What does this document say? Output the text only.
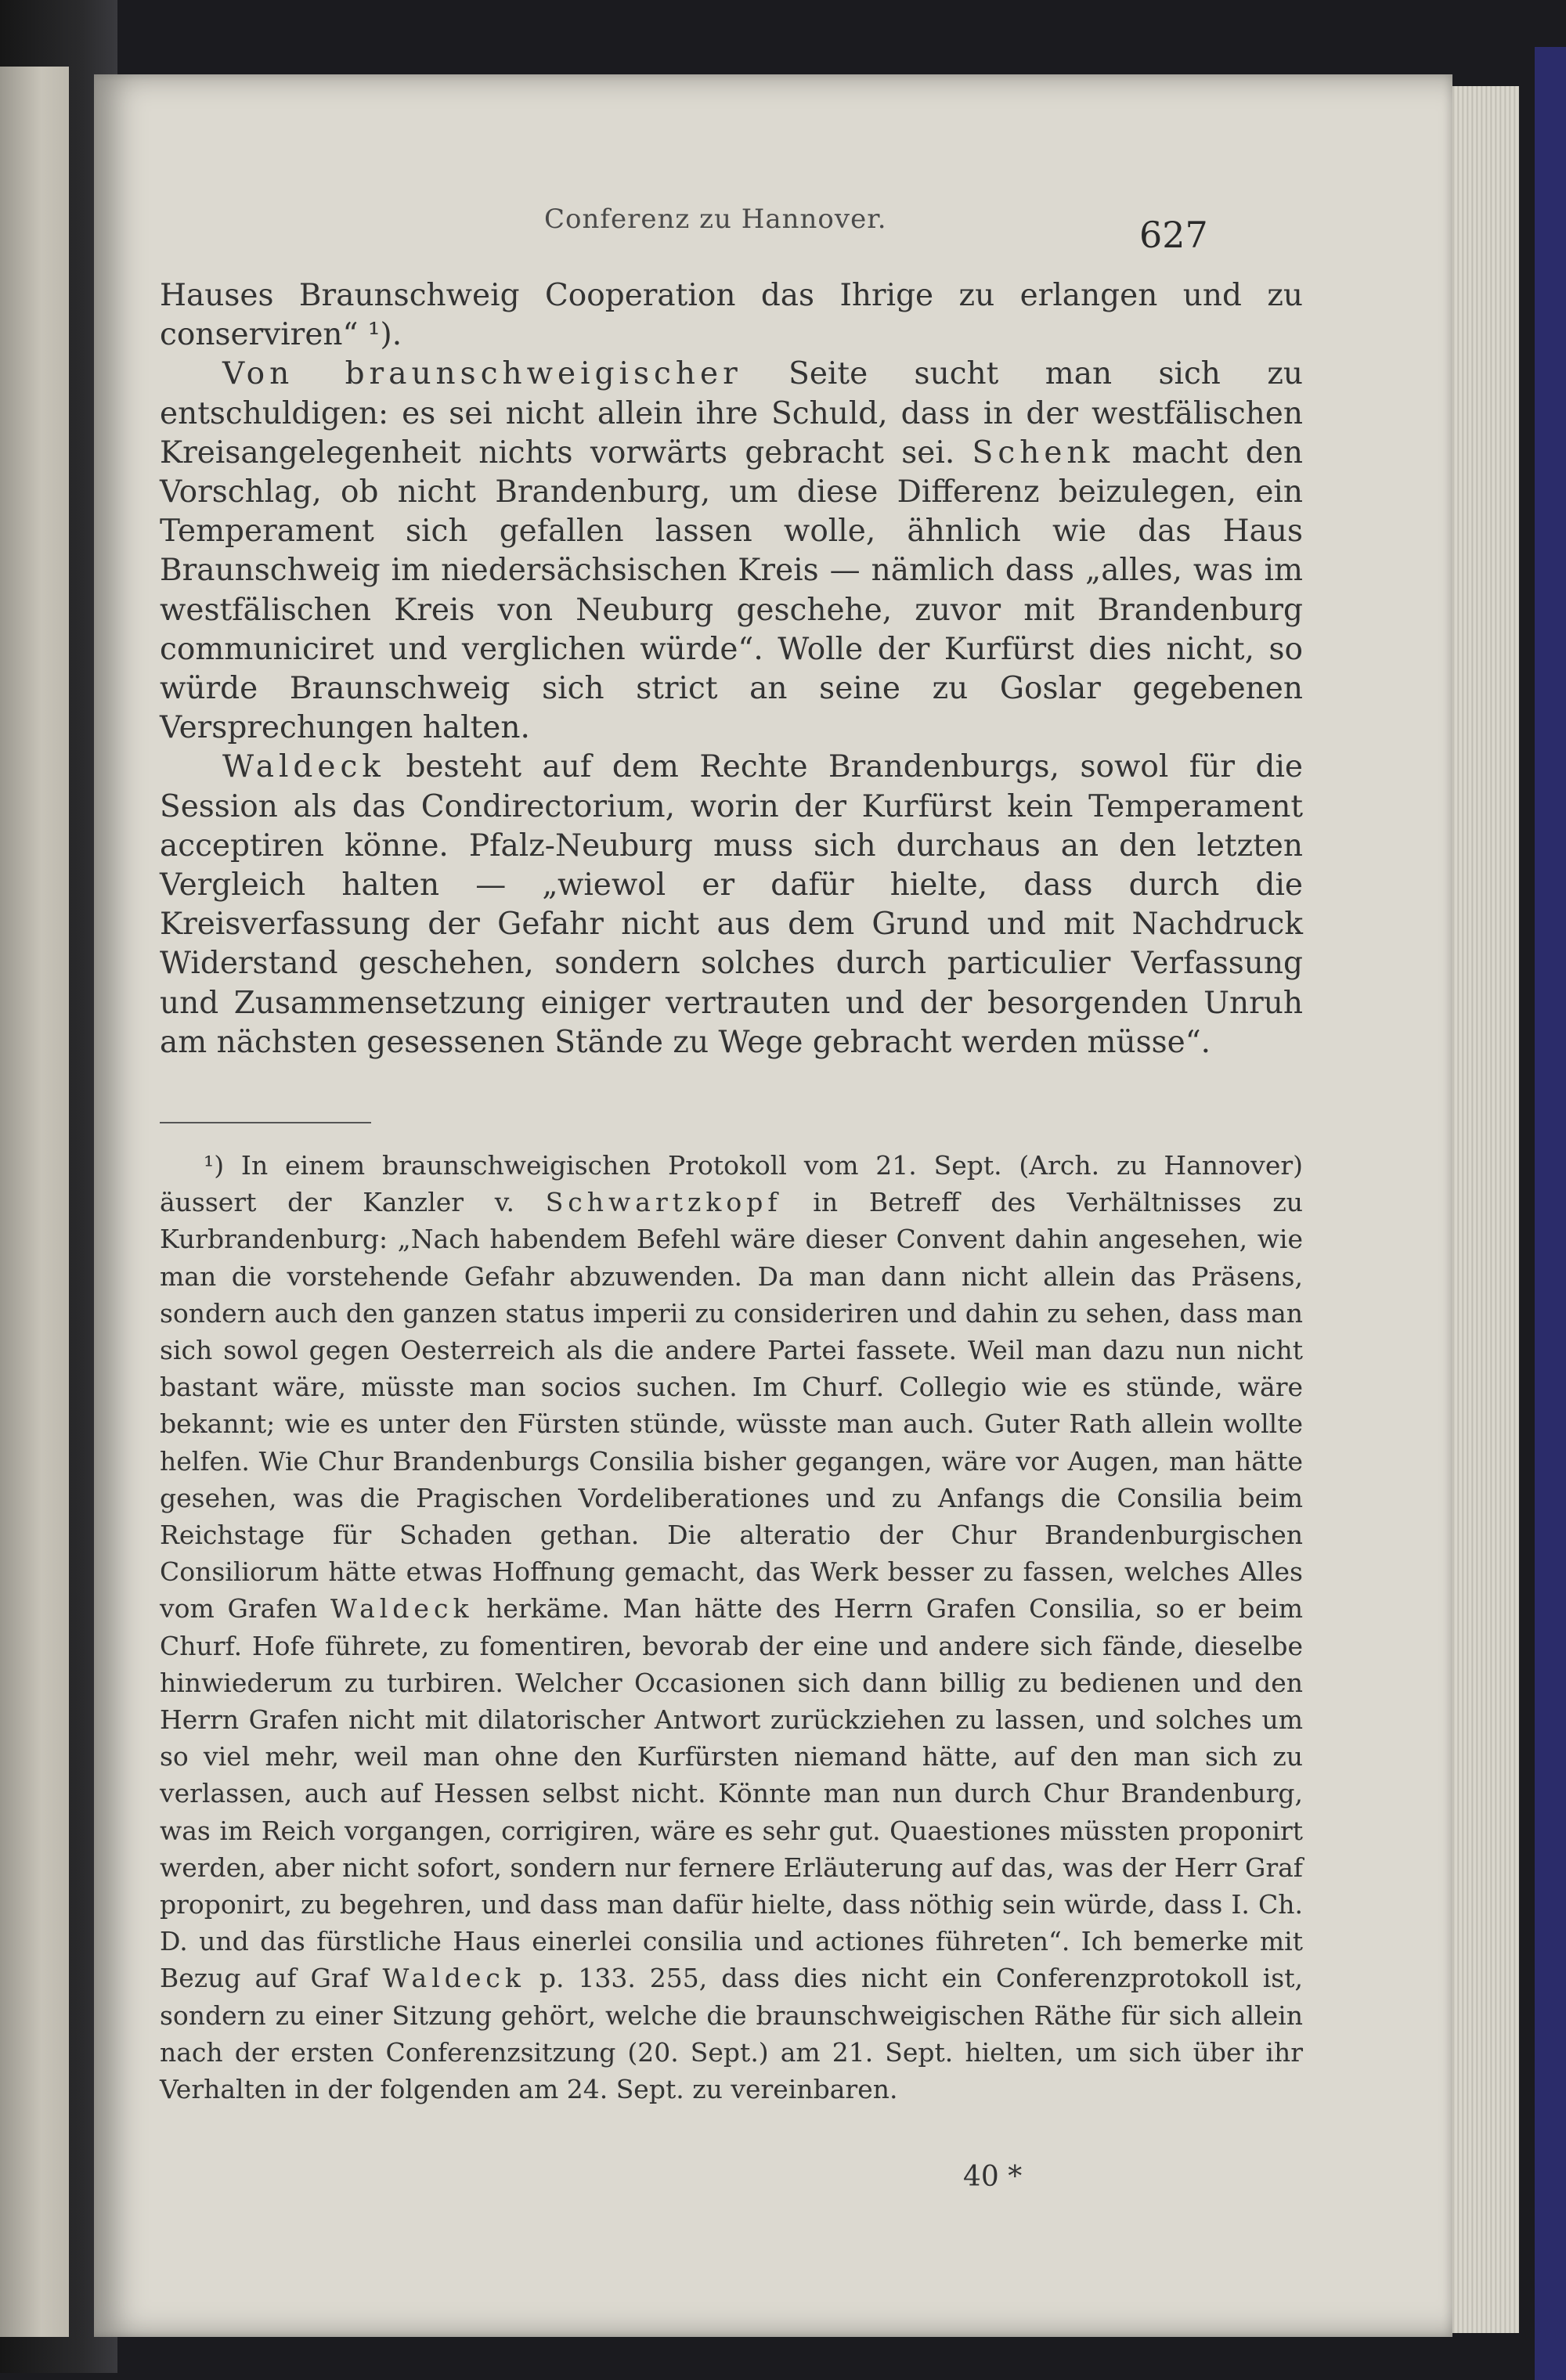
Conferenz zu Hannover.	627

Hauses Braunschweig Cooperation das Ihrige zu erlangen und zu conserviren“ ¹).

Von braunschweigischer Seite sucht man sich zu entschuldigen: es sei nicht allein ihre Schuld, dass in der westfälischen Kreisangelegenheit nichts vorwärts gebracht sei. Schenk macht den Vorschlag, ob nicht Brandenburg, um diese Differenz beizulegen, ein Temperament sich gefallen lassen wolle, ähnlich wie das Haus Braunschweig im niedersächsischen Kreis — nämlich dass „alles, was im westfälischen Kreis von Neuburg geschehe, zuvor mit Brandenburg communiciret und verglichen würde“. Wolle der Kurfürst dies nicht, so würde Braunschweig sich strict an seine zu Goslar gegebenen Versprechungen halten.

Waldeck besteht auf dem Rechte Brandenburgs, sowol für die Session als das Condirectorium, worin der Kurfürst kein Temperament acceptiren könne. Pfalz-Neuburg muss sich durchaus an den letzten Vergleich halten — „wiewol er dafür hielte, dass durch die Kreisverfassung der Gefahr nicht aus dem Grund und mit Nachdruck Widerstand geschehen, sondern solches durch particulier Verfassung und Zusammensetzung einiger vertrauten und der besorgenden Unruh am nächsten gesessenen Stände zu Wege gebracht werden müsse“.

¹) In einem braunschweigischen Protokoll vom 21. Sept. (Arch. zu Hannover) äussert der Kanzler v. Schwartzkopf in Betreff des Verhältnisses zu Kurbrandenburg: „Nach habendem Befehl wäre dieser Convent dahin angesehen, wie man die vorstehende Gefahr abzuwenden. Da man dann nicht allein das Präsens, sondern auch den ganzen status imperii zu consideriren und dahin zu sehen, dass man sich sowol gegen Oesterreich als die andere Partei fassete. Weil man dazu nun nicht bastant wäre, müsste man socios suchen. Im Churf. Collegio wie es stünde, wäre bekannt; wie es unter den Fürsten stünde, wüsste man auch. Guter Rath allein wollte helfen. Wie Chur Brandenburgs Consilia bisher gegangen, wäre vor Augen, man hätte gesehen, was die Pragischen Vordeliberationes und zu Anfangs die Consilia beim Reichstage für Schaden gethan. Die alteratio der Chur Brandenburgischen Consiliorum hätte etwas Hoffnung gemacht, das Werk besser zu fassen, welches Alles vom Grafen Waldeck herkäme. Man hätte des Herrn Grafen Consilia, so er beim Churf. Hofe führete, zu fomentiren, bevorab der eine und andere sich fände, dieselbe hinwiederum zu turbiren. Welcher Occasionen sich dann billig zu bedienen und den Herrn Grafen nicht mit dilatorischer Antwort zurückziehen zu lassen, und solches um so viel mehr, weil man ohne den Kurfürsten niemand hätte, auf den man sich zu verlassen, auch auf Hessen selbst nicht. Könnte man nun durch Chur Brandenburg, was im Reich vorgangen, corrigiren, wäre es sehr gut. Quaestiones müssten proponirt werden, aber nicht sofort, sondern nur fernere Erläuterung auf das, was der Herr Graf proponirt, zu begehren, und dass man dafür hielte, dass nöthig sein würde, dass I. Ch. D. und das fürstliche Haus einerlei consilia und actiones führeten“. Ich bemerke mit Bezug auf Graf Waldeck p. 133. 255, dass dies nicht ein Conferenzprotokoll ist, sondern zu einer Sitzung gehört, welche die braunschweigischen Räthe für sich allein nach der ersten Conferenzsitzung (20. Sept.) am 21. Sept. hielten, um sich über ihr Verhalten in der folgenden am 24. Sept. zu vereinbaren.

40 *
